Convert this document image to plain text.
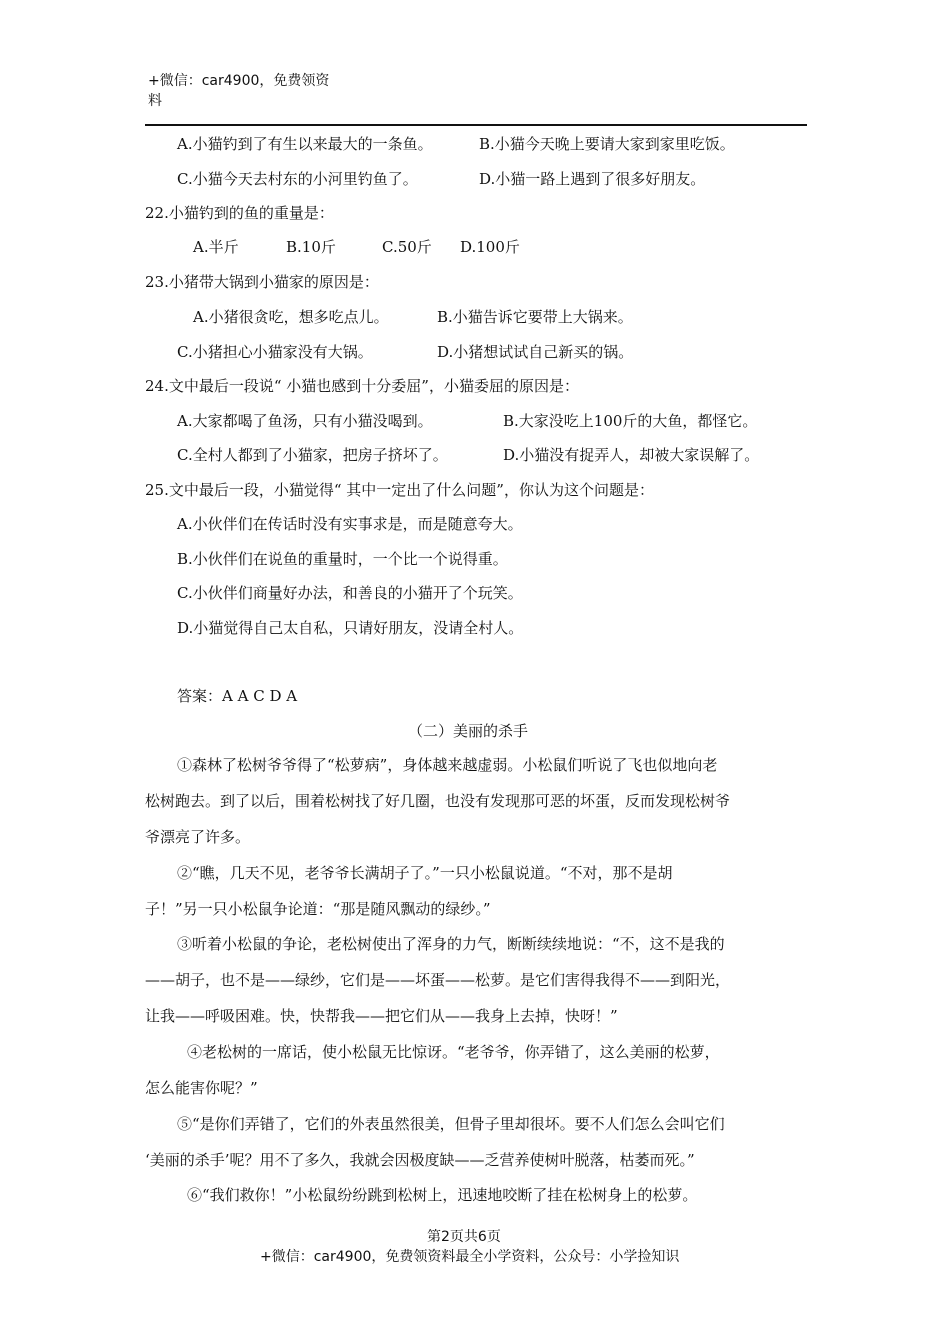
+微信：car4900，免费领资
料
A.小猫钓到了有生以来最大的一条鱼。	B.小猫今天晚上要请大家到家里吃饭。
C.小猫今天去村东的小河里钓鱼了。	D.小猫一路上遇到了很多好朋友。
22.小猫钓到的鱼的重量是：
A.半斤	B.10斤	C.50斤 D.100斤
23.小猪带大锅到小猫家的原因是：
A.小猪很贪吃，想多吃点儿。	B.小猫告诉它要带上大锅来。
C.小猪担心小猫家没有大锅。	D.小猪想试试自己新买的锅。
24.文中最后一段说“ 小猫也感到十分委屈”，小猫委屈的原因是：
A.大家都喝了鱼汤，只有小猫没喝到。	B.大家没吃上100斤的大鱼，都怪它。
C.全村人都到了小猫家，把房子挤坏了。	D.小猫没有捉弄人，却被大家误解了。
25.文中最后一段，小猫觉得“ 其中一定出了什么问题”，你认为这个问题是：
A.小伙伴们在传话时没有实事求是，而是随意夸大。
B.小伙伴们在说鱼的重量时，一个比一个说得重。
C.小伙伴们商量好办法，和善良的小猫开了个玩笑。
D.小猫觉得自己太自私，只请好朋友，没请全村人。
答案：A A C D A
（二）美丽的杀手
①森林了松树爷爷得了“松萝病”，身体越来越虚弱。小松鼠们听说了飞也似地向老
松树跑去。到了以后，围着松树找了好几圈，也没有发现那可恶的坏蛋，反而发现松树爷
爷漂亮了许多。
②“瞧，几天不见，老爷爷长满胡子了。”一只小松鼠说道。“不对，那不是胡
子！”另一只小松鼠争论道：“那是随风飘动的绿纱。”
③听着小松鼠的争论，老松树使出了浑身的力气，断断续续地说：“不，这不是我的
——胡子，也不是——绿纱，它们是——坏蛋——松萝。是它们害得我得不——到阳光，
让我——呼吸困难。快，快帮我——把它们从——我身上去掉，快呀！”
④老松树的一席话，使小松鼠无比惊讶。“老爷爷，你弄错了，这么美丽的松萝，
怎么能害你呢？”
⑤“是你们弄错了，它们的外表虽然很美，但骨子里却很坏。要不人们怎么会叫它们
‘美丽的杀手’呢？用不了多久，我就会因极度缺——乏营养使树叶脱落，枯萎而死。”
⑥“我们救你！”小松鼠纷纷跳到松树上，迅速地咬断了挂在松树身上的松萝。
第2页共6页
+微信：car4900，免费领资料最全小学资料，公众号：小学捡知识
